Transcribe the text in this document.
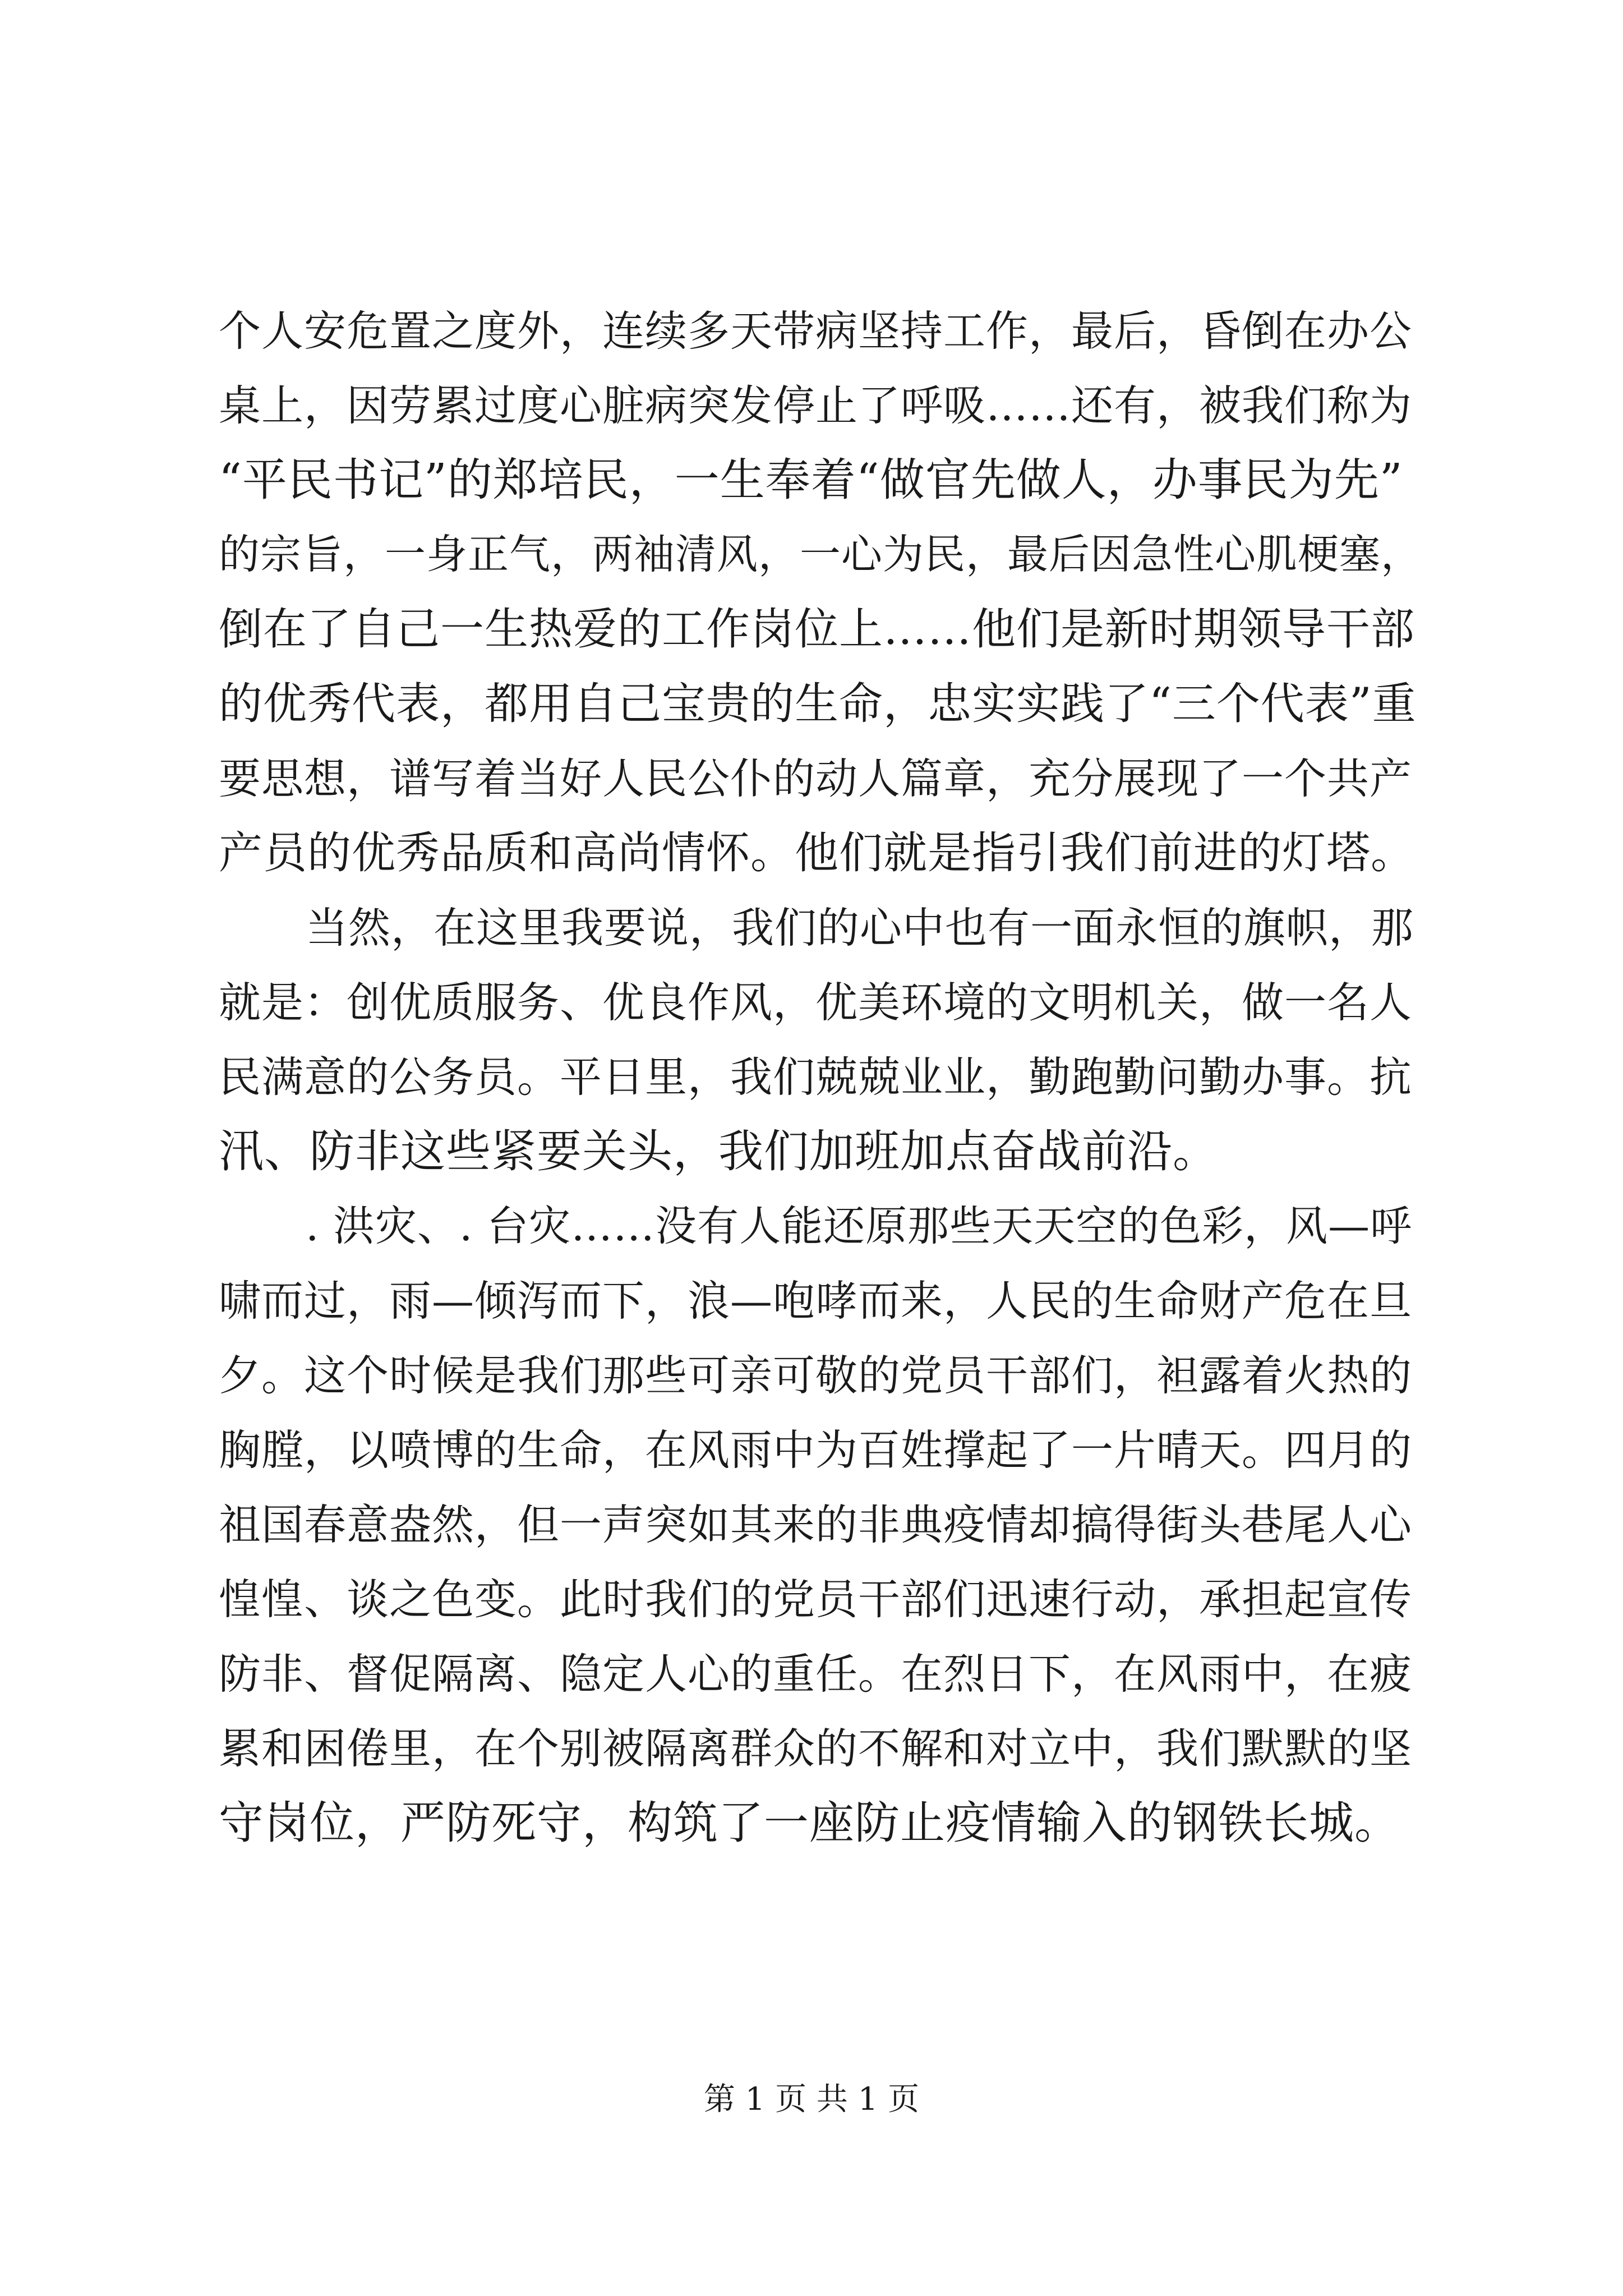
个人安危置之度外，连续多天带病坚持工作，最后，昏倒在办公
桌上，因劳累过度心脏病突发停止了呼吸……还有，被我们称为
“平民书记”的郑培民，一生奉着“做官先做人，办事民为先”
的宗旨，一身正气，两袖清风，一心为民，最后因急性心肌梗塞，
倒在了自己一生热爱的工作岗位上……他们是新时期领导干部
的优秀代表，都用自己宝贵的生命，忠实实践了“三个代表”重
要思想，谱写着当好人民公仆的动人篇章，充分展现了一个共产
产员的优秀品质和高尚情怀。他们就是指引我们前进的灯塔。
当然，在这里我要说，我们的心中也有一面永恒的旗帜，那
就是：创优质服务、优良作风，优美环境的文明机关，做一名人
民满意的公务员。平日里，我们兢兢业业，勤跑勤问勤办事。抗
汛、防非这些紧要关头，我们加班加点奋战前沿。
. 洪灾、. 台灾……没有人能还原那些天天空的色彩，风—呼
啸而过，雨—倾泻而下，浪—咆哮而来，人民的生命财产危在旦
夕。这个时候是我们那些可亲可敬的党员干部们，袒露着火热的
胸膛，以喷博的生命，在风雨中为百姓撑起了一片晴天。四月的
祖国春意盎然，但一声突如其来的非典疫情却搞得街头巷尾人心
惶惶、谈之色变。此时我们的党员干部们迅速行动，承担起宣传
防非、督促隔离、隐定人心的重任。在烈日下，在风雨中，在疲
累和困倦里，在个别被隔离群众的不解和对立中，我们默默的坚
守岗位，严防死守，构筑了一座防止疫情输入的钢铁长城。
第 1 页 共 1 页
